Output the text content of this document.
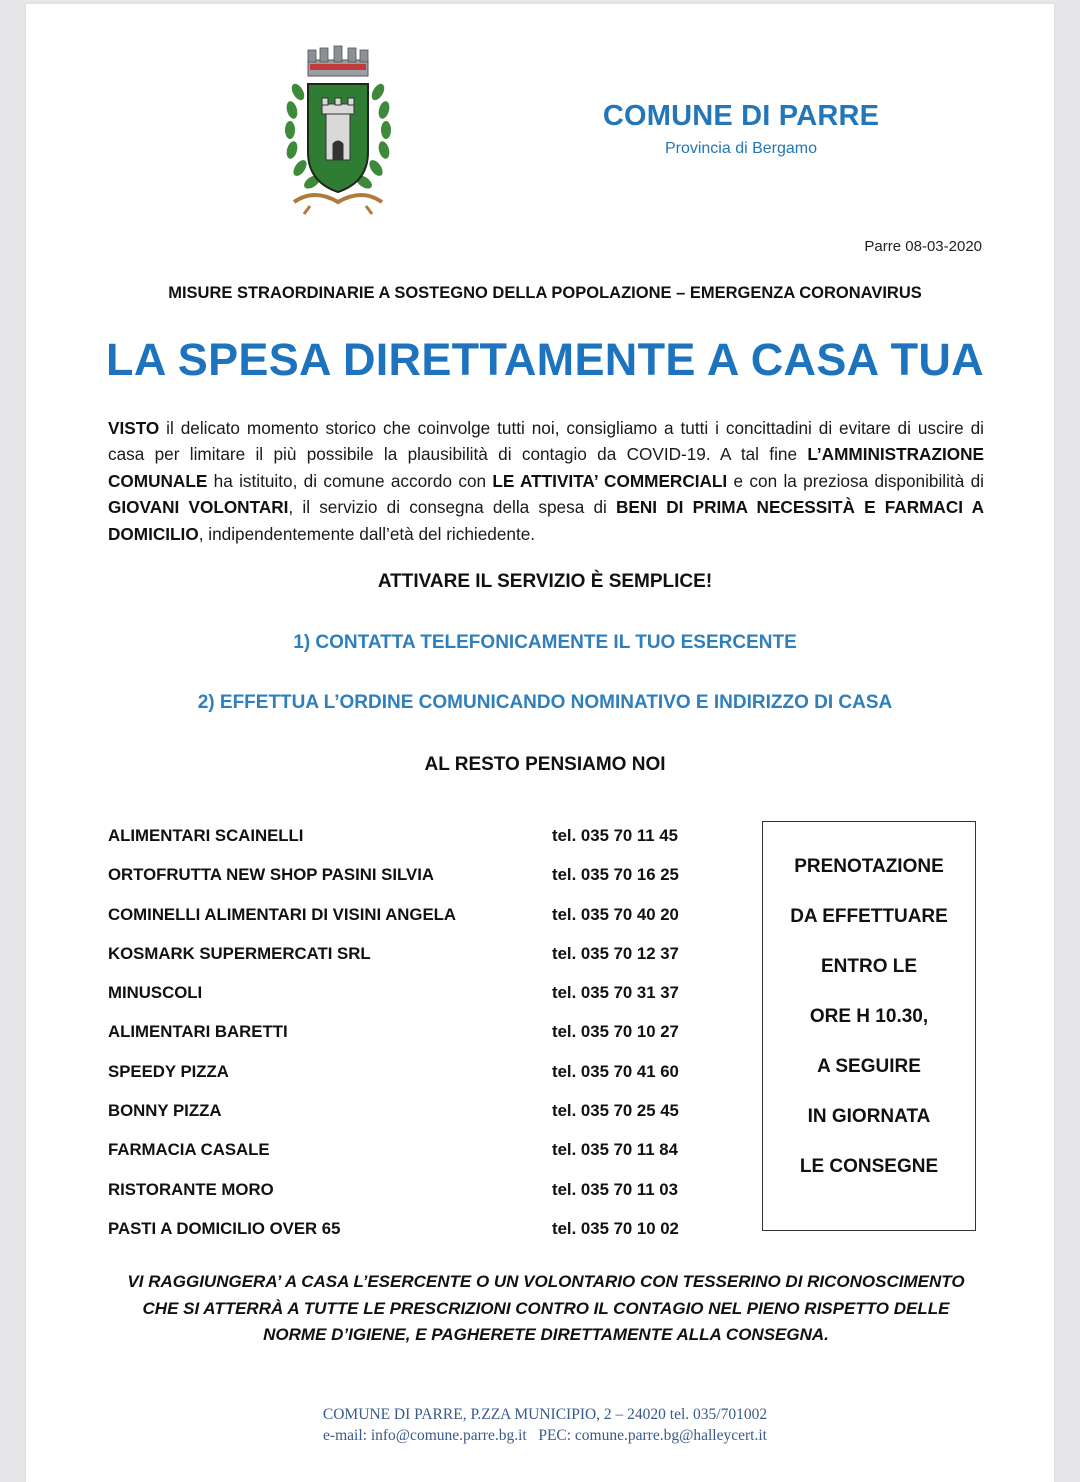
COMUNE DI PARRE
Provincia di Bergamo
Parre 08-03-2020
MISURE STRAORDINARIE A SOSTEGNO DELLA POPOLAZIONE – EMERGENZA CORONAVIRUS
LA SPESA DIRETTAMENTE A CASA TUA
VISTO il delicato momento storico che coinvolge tutti noi, consigliamo a tutti i concittadini di evitare di uscire di casa per limitare il più possibile la plausibilità di contagio da COVID-19. A tal fine L’AMMINISTRAZIONE COMUNALE ha istituito, di comune accordo con LE ATTIVITA’ COMMERCIALI e con la preziosa disponibilità di GIOVANI VOLONTARI, il servizio di consegna della spesa di BENI DI PRIMA NECESSITÀ E FARMACI A DOMICILIO, indipendentemente dall’età del richiedente.
ATTIVARE IL SERVIZIO È SEMPLICE!
1) CONTATTA TELEFONICAMENTE IL TUO ESERCENTE
2) EFFETTUA L’ORDINE COMUNICANDO NOMINATIVO E INDIRIZZO DI CASA
AL RESTO PENSIAMO NOI
ALIMENTARI SCAINELLI	tel. 035 70 11 45
ORTOFRUTTA NEW SHOP PASINI SILVIA	tel. 035 70 16 25
COMINELLI ALIMENTARI DI VISINI ANGELA	tel. 035 70 40 20
KOSMARK SUPERMERCATI SRL	tel. 035 70 12 37
MINUSCOLI	tel. 035 70 31 37
ALIMENTARI BARETTI	tel. 035 70 10 27
SPEEDY PIZZA	tel. 035 70 41 60
BONNY PIZZA	tel. 035 70 25 45
FARMACIA CASALE	tel. 035 70 11 84
RISTORANTE MORO	tel. 035 70 11 03
PASTI A DOMICILIO OVER 65	tel. 035 70 10 02
PRENOTAZIONE
DA EFFETTUARE
ENTRO LE
ORE H 10.30,
A SEGUIRE
IN GIORNATA
LE CONSEGNE
VI RAGGIUNGERA’ A CASA L’ESERCENTE O UN VOLONTARIO CON TESSERINO DI RICONOSCIMENTO
CHE SI ATTERRÀ A TUTTE LE PRESCRIZIONI CONTRO IL CONTAGIO NEL PIENO RISPETTO DELLE
NORME D’IGIENE, E PAGHERETE DIRETTAMENTE ALLA CONSEGNA.
COMUNE DI PARRE, P.ZZA MUNICIPIO, 2 – 24020 tel. 035/701002
e-mail: info@comune.parre.bg.it   PEC: comune.parre.bg@halleycert.it
